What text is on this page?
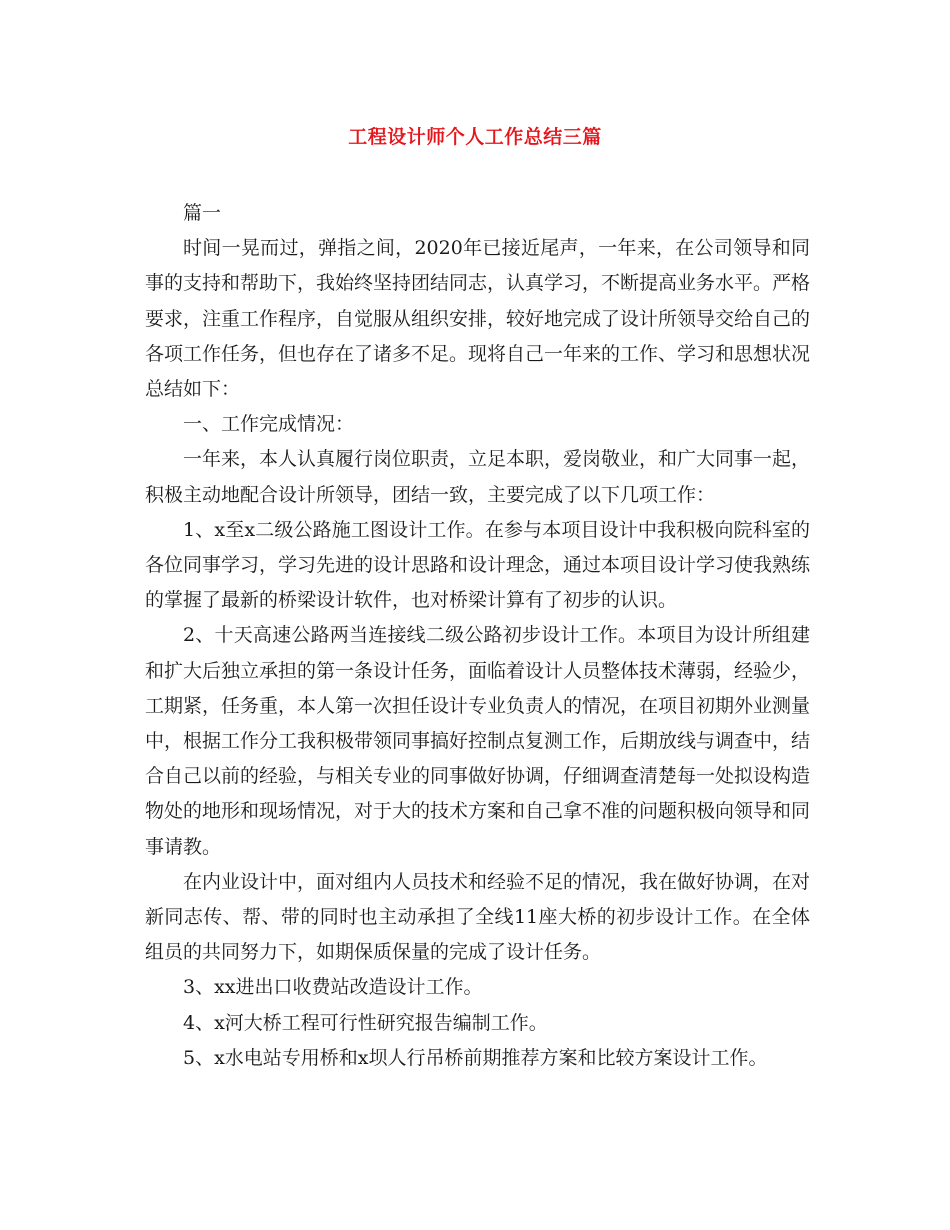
工程设计师个人工作总结三篇

篇一

时间一晃而过，弹指之间，2020年已接近尾声，一年来，在公司领导和同事的支持和帮助下，我始终坚持团结同志，认真学习，不断提高业务水平。严格要求，注重工作程序，自觉服从组织安排，较好地完成了设计所领导交给自己的各项工作任务，但也存在了诸多不足。现将自己一年来的工作、学习和思想状况总结如下：

一、工作完成情况：

一年来，本人认真履行岗位职责，立足本职，爱岗敬业，和广大同事一起，积极主动地配合设计所领导，团结一致，主要完成了以下几项工作：

1、x至x二级公路施工图设计工作。在参与本项目设计中我积极向院科室的各位同事学习，学习先进的设计思路和设计理念，通过本项目设计学习使我熟练的掌握了最新的桥梁设计软件，也对桥梁计算有了初步的认识。

2、十天高速公路两当连接线二级公路初步设计工作。本项目为设计所组建和扩大后独立承担的第一条设计任务，面临着设计人员整体技术薄弱，经验少，工期紧，任务重，本人第一次担任设计专业负责人的情况，在项目初期外业测量中，根据工作分工我积极带领同事搞好控制点复测工作，后期放线与调查中，结合自己以前的经验，与相关专业的同事做好协调，仔细调查清楚每一处拟设构造物处的地形和现场情况，对于大的技术方案和自己拿不准的问题积极向领导和同事请教。

在内业设计中，面对组内人员技术和经验不足的情况，我在做好协调，在对新同志传、帮、带的同时也主动承担了全线11座大桥的初步设计工作。在全体组员的共同努力下，如期保质保量的完成了设计任务。

3、xx进出口收费站改造设计工作。

4、x河大桥工程可行性研究报告编制工作。

5、x水电站专用桥和x坝人行吊桥前期推荐方案和比较方案设计工作。
